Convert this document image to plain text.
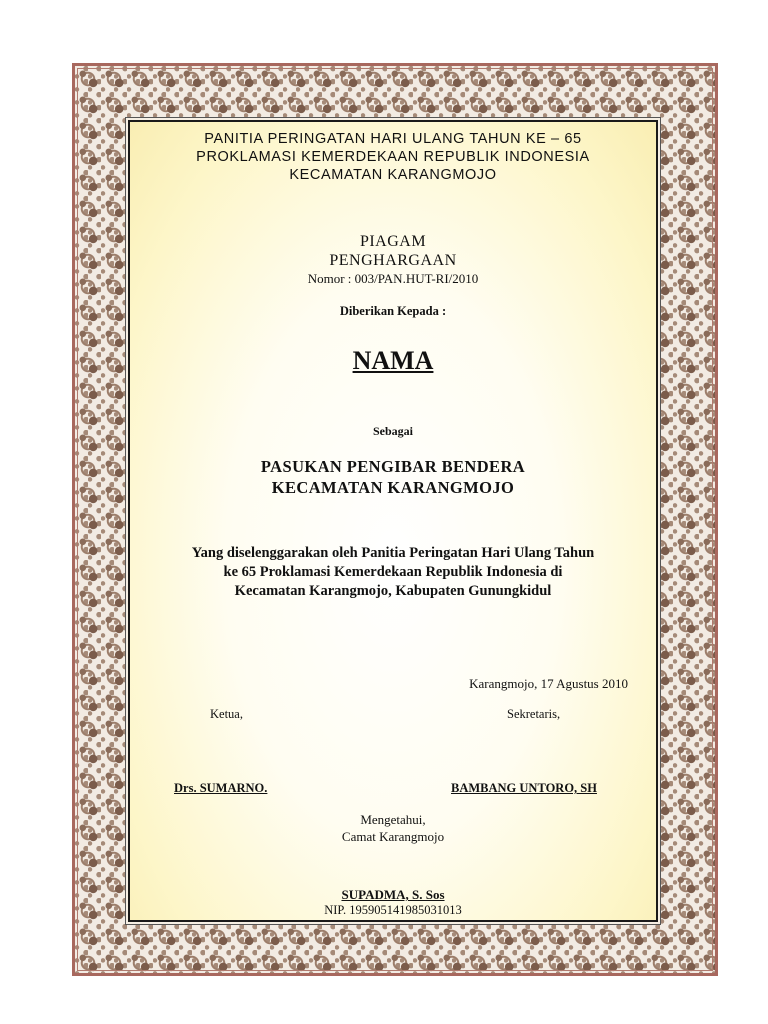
PANITIA PERINGATAN HARI ULANG TAHUN KE – 65
PROKLAMASI KEMERDEKAAN REPUBLIK INDONESIA
KECAMATAN KARANGMOJO
PIAGAM
PENGHARGAAN
Nomor : 003/PAN.HUT-RI/2010
Diberikan Kepada :
NAMA
Sebagai
PASUKAN PENGIBAR BENDERA
KECAMATAN KARANGMOJO
Yang diselenggarakan oleh Panitia Peringatan Hari Ulang Tahun
ke 65 Proklamasi Kemerdekaan Republik Indonesia di
Kecamatan Karangmojo, Kabupaten Gunungkidul
Karangmojo, 17 Agustus 2010
Ketua,	Sekretaris,
Drs. SUMARNO.	BAMBANG UNTORO, SH
Mengetahui,
Camat Karangmojo
SUPADMA, S. Sos
NIP. 195905141985031013
